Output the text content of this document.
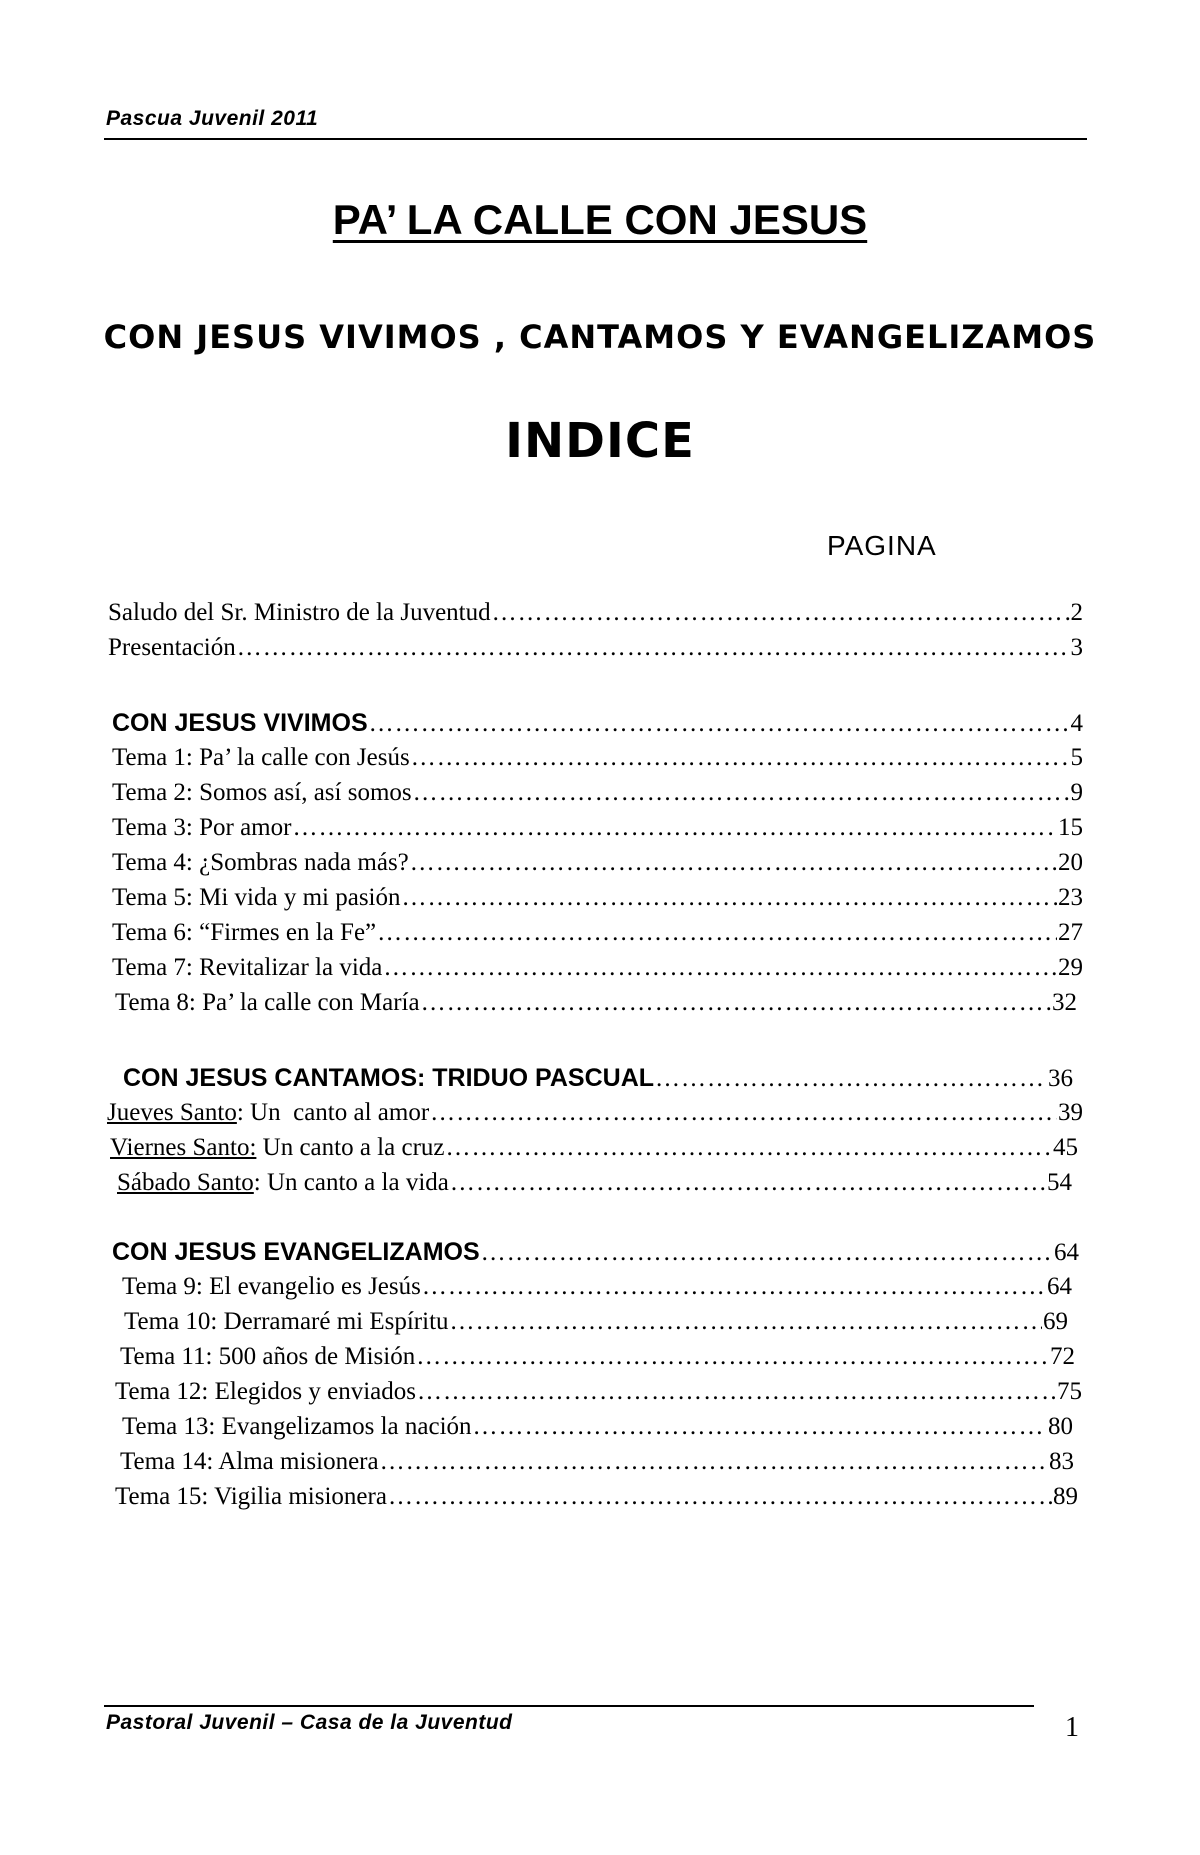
Pascua Juvenil 2011
PA’ LA CALLE CON JESUS
CON JESUS VIVIMOS , CANTAMOS Y EVANGELIZAMOS
INDICE
PAGINA
Saludo del Sr. Ministro de la Juventud ……………………………………………………………………………………………………………………………………………………………	2
Presentación ……………………………………………………………………………………………………………………………………………………………	3
CON JESUS VIVIMOS ……………………………………………………………………………………………………………………………………………………………	4
Tema 1: Pa’ la calle con Jesús ……………………………………………………………………………………………………………………………………………………………	5
Tema 2: Somos así, así somos ……………………………………………………………………………………………………………………………………………………………	9
Tema 3: Por amor ……………………………………………………………………………………………………………………………………………………………	15
Tema 4: ¿Sombras nada más? ……………………………………………………………………………………………………………………………………………………………	20
Tema 5: Mi vida y mi pasión ……………………………………………………………………………………………………………………………………………………………	23
Tema 6: “Firmes en la Fe” ……………………………………………………………………………………………………………………………………………………………	27
Tema 7: Revitalizar la vida ……………………………………………………………………………………………………………………………………………………………	29
Tema 8: Pa’ la calle con María ……………………………………………………………………………………………………………………………………………………………	32
CON JESUS CANTAMOS: TRIDUO PASCUAL ……………………………………………………………………………………………………………………………………………………………	36
Jueves Santo: Un  canto al amor ……………………………………………………………………………………………………………………………………………………………	39
Viernes Santo: Un canto a la cruz ……………………………………………………………………………………………………………………………………………………………	45
Sábado Santo: Un canto a la vida ……………………………………………………………………………………………………………………………………………………………	54
CON JESUS EVANGELIZAMOS ……………………………………………………………………………………………………………………………………………………………	64
Tema 9: El evangelio es Jesús ……………………………………………………………………………………………………………………………………………………………	64
Tema 10: Derramaré mi Espíritu ……………………………………………………………………………………………………………………………………………………………	69
Tema 11: 500 años de Misión ……………………………………………………………………………………………………………………………………………………………	72
Tema 12: Elegidos y enviados ……………………………………………………………………………………………………………………………………………………………	75
Tema 13: Evangelizamos la nación ……………………………………………………………………………………………………………………………………………………………	80
Tema 14: Alma misionera ……………………………………………………………………………………………………………………………………………………………	83
Tema 15: Vigilia misionera ……………………………………………………………………………………………………………………………………………………………	89
Pastoral Juvenil – Casa de la Juventud	1
